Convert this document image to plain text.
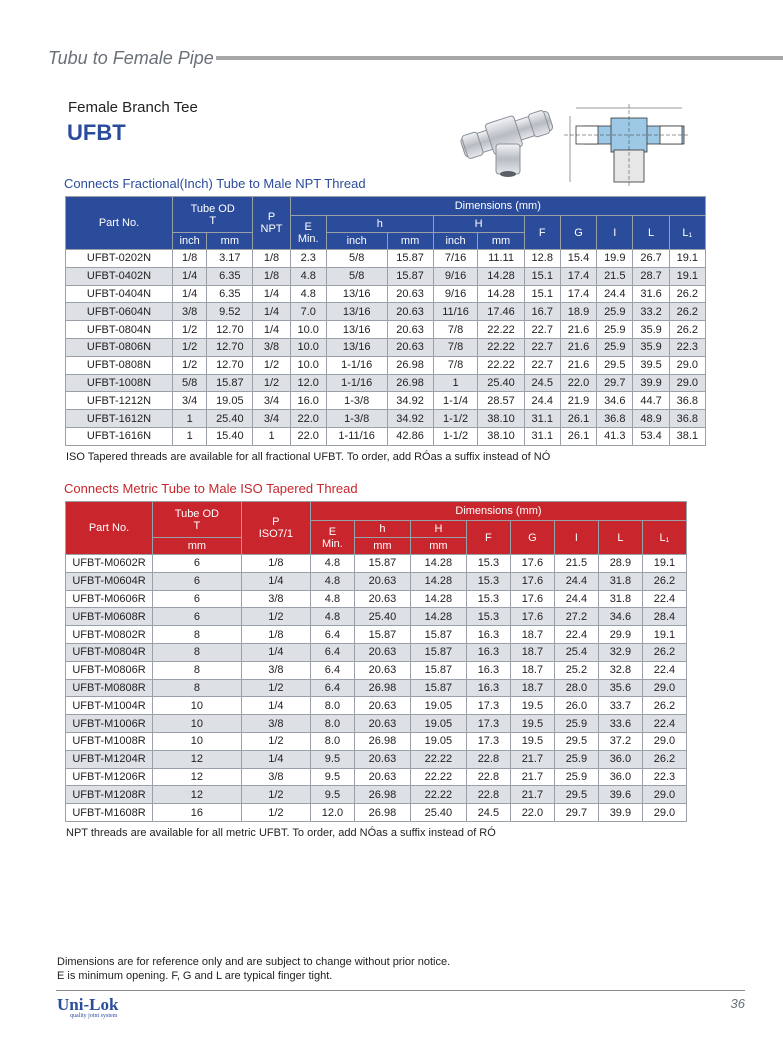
Tubu to Female Pipe
Female Branch Tee
UFBT
Connects Fractional(Inch) Tube to Male NPT Thread
Part No.	Tube OD
T		P
NPT	Dimensions (mm)									
				E
Min.	h		H		F	G	I	L	L₁
	inch	mm			inch	mm	inch	mm					
UFBT-0202N	1/8	3.17	1/8	2.3	5/8	15.87	7/16	11.11	12.8	15.4	19.9	26.7	19.1
UFBT-0402N	1/4	6.35	1/8	4.8	5/8	15.87	9/16	14.28	15.1	17.4	21.5	28.7	19.1
UFBT-0404N	1/4	6.35	1/4	4.8	13/16	20.63	9/16	14.28	15.1	17.4	24.4	31.6	26.2
UFBT-0604N	3/8	9.52	1/4	7.0	13/16	20.63	11/16	17.46	16.7	18.9	25.9	33.2	26.2
UFBT-0804N	1/2	12.70	1/4	10.0	13/16	20.63	7/8	22.22	22.7	21.6	25.9	35.9	26.2
UFBT-0806N	1/2	12.70	3/8	10.0	13/16	20.63	7/8	22.22	22.7	21.6	25.9	35.9	22.3
UFBT-0808N	1/2	12.70	1/2	10.0	1-1/16	26.98	7/8	22.22	22.7	21.6	29.5	39.5	29.0
UFBT-1008N	5/8	15.87	1/2	12.0	1-1/16	26.98	1	25.40	24.5	22.0	29.7	39.9	29.0
UFBT-1212N	3/4	19.05	3/4	16.0	1-3/8	34.92	1-1/4	28.57	24.4	21.9	34.6	44.7	36.8
UFBT-1612N	1	25.40	3/4	22.0	1-3/8	34.92	1-1/2	38.10	31.1	26.1	36.8	48.9	36.8
UFBT-1616N	1	15.40	1	22.0	1-11/16	42.86	1-1/2	38.10	31.1	26.1	41.3	53.4	38.1
ISO Tapered threads are available for all fractional UFBT. To order, add RÓas a suffix instead of NÓ
Connects Metric Tube to Male ISO Tapered Thread
Part No.	Tube OD
T	P
ISO7/1	Dimensions (mm)							
			E
Min.	h	H	F	G	I	L	L₁
	mm			mm	mm					
UFBT-M0602R	6	1/8	4.8	15.87	14.28	15.3	17.6	21.5	28.9	19.1
UFBT-M0604R	6	1/4	4.8	20.63	14.28	15.3	17.6	24.4	31.8	26.2
UFBT-M0606R	6	3/8	4.8	20.63	14.28	15.3	17.6	24.4	31.8	22.4
UFBT-M0608R	6	1/2	4.8	25.40	14.28	15.3	17.6	27.2	34.6	28.4
UFBT-M0802R	8	1/8	6.4	15.87	15.87	16.3	18.7	22.4	29.9	19.1
UFBT-M0804R	8	1/4	6.4	20.63	15.87	16.3	18.7	25.4	32.9	26.2
UFBT-M0806R	8	3/8	6.4	20.63	15.87	16.3	18.7	25.2	32.8	22.4
UFBT-M0808R	8	1/2	6.4	26.98	15.87	16.3	18.7	28.0	35.6	29.0
UFBT-M1004R	10	1/4	8.0	20.63	19.05	17.3	19.5	26.0	33.7	26.2
UFBT-M1006R	10	3/8	8.0	20.63	19.05	17.3	19.5	25.9	33.6	22.4
UFBT-M1008R	10	1/2	8.0	26.98	19.05	17.3	19.5	29.5	37.2	29.0
UFBT-M1204R	12	1/4	9.5	20.63	22.22	22.8	21.7	25.9	36.0	26.2
UFBT-M1206R	12	3/8	9.5	20.63	22.22	22.8	21.7	25.9	36.0	22.3
UFBT-M1208R	12	1/2	9.5	26.98	22.22	22.8	21.7	29.5	39.6	29.0
UFBT-M1608R	16	1/2	12.0	26.98	25.40	24.5	22.0	29.7	39.9	29.0
NPT threads are available for all metric UFBT. To order, add NÓas a suffix instead of RÓ
Dimensions are for reference only and are subject to change without prior notice.
E is minimum opening. F, G and L are typical finger tight.
Uni-Lok
quality joint system
36
